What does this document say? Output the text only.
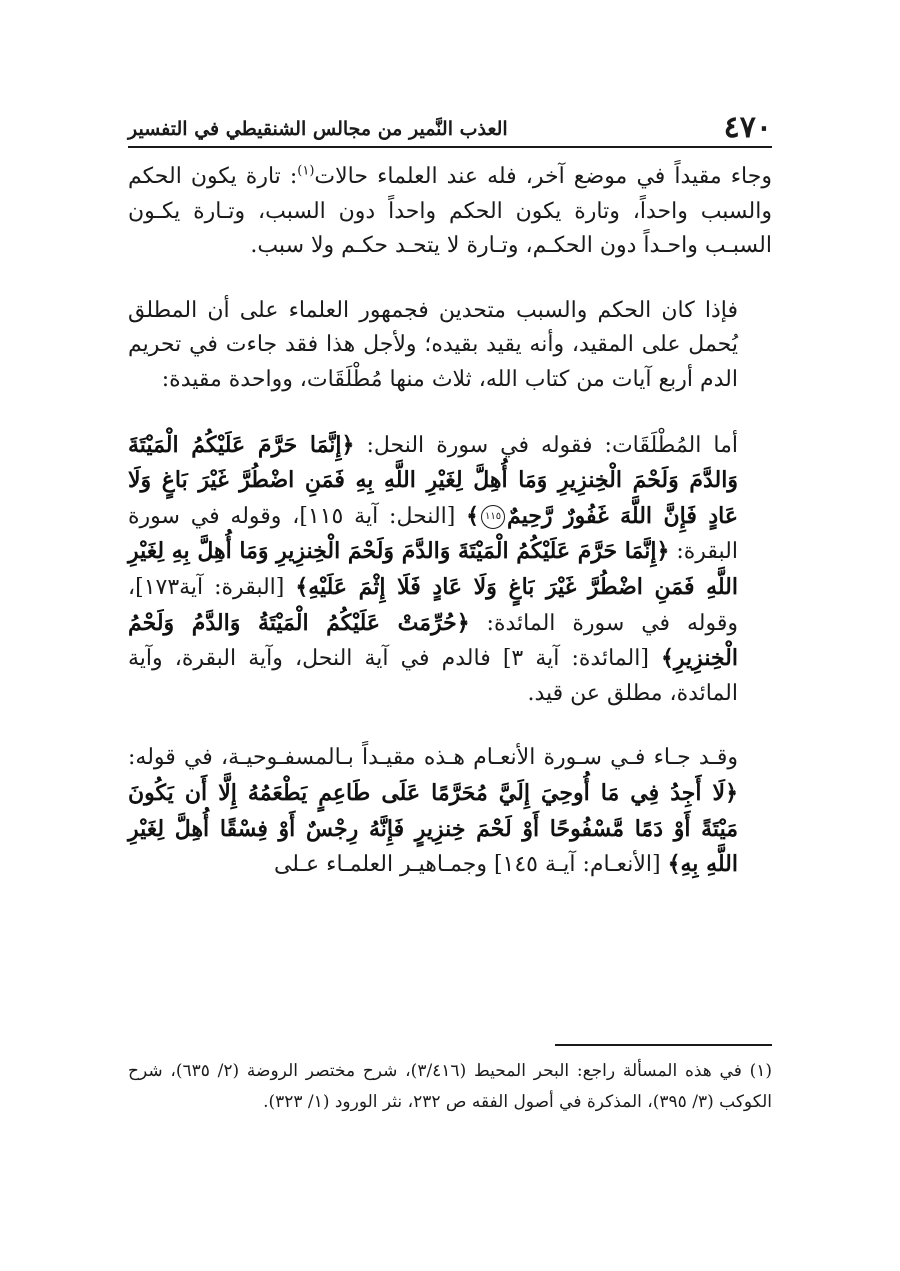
٤٧٠
العذب النَّمير من مجالس الشنقيطي في التفسير

وجاء مقيداً في موضع آخر، فله عند العلماء حالات$^{(١)}$: تارة يكون الحكم والسبب واحداً، وتارة يكون الحكم واحداً دون السبب، وتـارة يكـون السبـب واحـداً دون الحكـم، وتـارة لا يتحـد حكـم ولا سبب.

فإذا كان الحكم والسبب متحدين فجمهور العلماء على أن المطلق يُحمل على المقيد، وأنه يقيد بقيده؛ ولأجل هذا فقد جاءت في تحريم الدم أربع آيات من كتاب الله، ثلاث منها مُطْلَقَات، وواحدة مقيدة:

أما المُطْلَقَات: فقوله في سورة النحل: ﴿إِنَّمَا حَرَّمَ عَلَيْكُمُ الْمَيْتَةَ وَالدَّمَ وَلَحْمَ الْخِنزِيرِ وَمَا أُهِلَّ لِغَيْرِ اللَّهِ بِهِ فَمَنِ اضْطُرَّ غَيْرَ بَاغٍ وَلَا عَادٍ فَإِنَّ اللَّهَ غَفُورٌ رَّحِيمٌ١١٥﴾ [النحل: آية ١١٥]، وقوله في سورة البقرة: ﴿إِنَّمَا حَرَّمَ عَلَيْكُمُ الْمَيْتَةَ وَالدَّمَ وَلَحْمَ الْخِنزِيرِ وَمَا أُهِلَّ بِهِ لِغَيْرِ اللَّهِ فَمَنِ اضْطُرَّ غَيْرَ بَاغٍ وَلَا عَادٍ فَلَا إِثْمَ عَلَيْهِ﴾ [البقرة: آية١٧٣]، وقوله في سورة المائدة: ﴿حُرِّمَتْ عَلَيْكُمُ الْمَيْتَةُ وَالدَّمُ وَلَحْمُ الْخِنزِيرِ﴾ [المائدة: آية ٣] فالدم في آية النحل، وآية البقرة، وآية المائدة، مطلق عن قيد.

وقـد جـاء فـي سـورة الأنعـام هـذه مقيـداً بـالمسفـوحيـة، في قوله: ﴿لَا أَجِدُ فِي مَا أُوحِيَ إِلَيَّ مُحَرَّمًا عَلَى طَاعِمٍ يَطْعَمُهُ إِلَّا أَن يَكُونَ مَيْتَةً أَوْ دَمًا مَّسْفُوحًا أَوْ لَحْمَ خِنزِيرٍ فَإِنَّهُ رِجْسٌ أَوْ فِسْقًا أُهِلَّ لِغَيْرِ اللَّهِ بِهِ﴾ [الأنعـام: آيـة ١٤٥] وجمـاهيـر العلمـاء عـلى

(١) في هذه المسألة راجع: البحر المحيط (٣/٤١٦)، شرح مختصر الروضة (٢/ ٦٣٥)، شرح الكوكب (٣/ ٣٩٥)، المذكرة في أصول الفقه ص ٢٣٢، نثر الورود (١/ ٣٢٣).
